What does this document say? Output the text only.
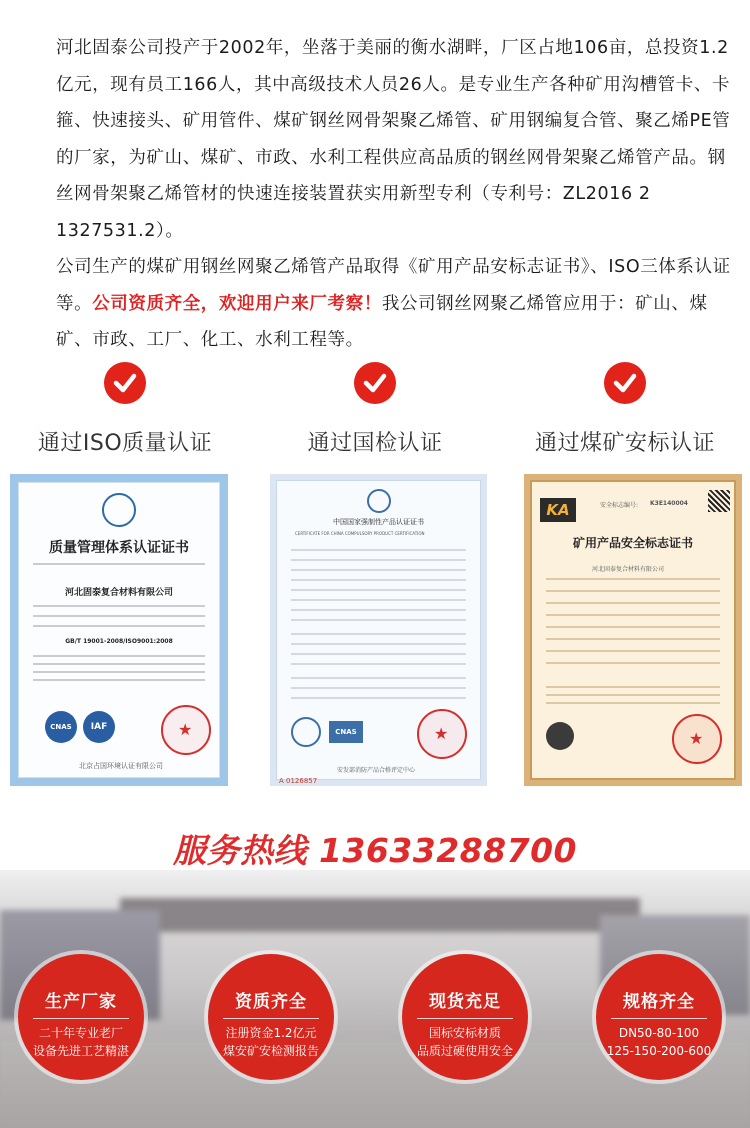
河北固泰公司投产于2002年，坐落于美丽的衡水湖畔，厂区占地106亩，总投资1.2亿元，现有员工166人，其中高级技术人员26人。是专业生产各种矿用沟槽管卡、卡箍、快速接头、矿用管件、煤矿钢丝网骨架聚乙烯管、矿用钢编复合管、聚乙烯PE管的厂家，为矿山、煤矿、市政、水利工程供应高品质的钢丝网骨架聚乙烯管产品。钢丝网骨架聚乙烯管材的快速连接装置获实用新型专利（专利号：ZL2016 2 1327531.2）。

公司生产的煤矿用钢丝网聚乙烯管产品取得《矿用产品安标志证书》、ISO三体系认证等。公司资质齐全，欢迎用户来厂考察！我公司钢丝网聚乙烯管应用于：矿山、煤矿、市政、工厂、化工、水利工程等。

通过ISO质量认证	通过国检认证	通过煤矿安标认证
质量管理体系认证证书
河北固泰复合材料有限公司
GB/T 19001-2008/ISO9001:2008
CNAS	IAF
★
北京占国环境认证有限公司
中国国家强制性产品认证证书
CERTIFICATE FOR CHINA COMPULSORY PRODUCT CERTIFICATION
CNAS
★
安发部消防产品合格评定中心
A 0126857
KA	安全标志编号: K3E140004
矿用产品安全标志证书
河北固泰复合材料有限公司
★
服务热线 13633288700
生产厂家
二十年专业老厂
设备先进工艺精湛
资质齐全
注册资金1.2亿元
煤安矿安检测报告
现货充足
国标安标材质
品质过硬使用安全
规格齐全
DN50-80-100
125-150-200-600
